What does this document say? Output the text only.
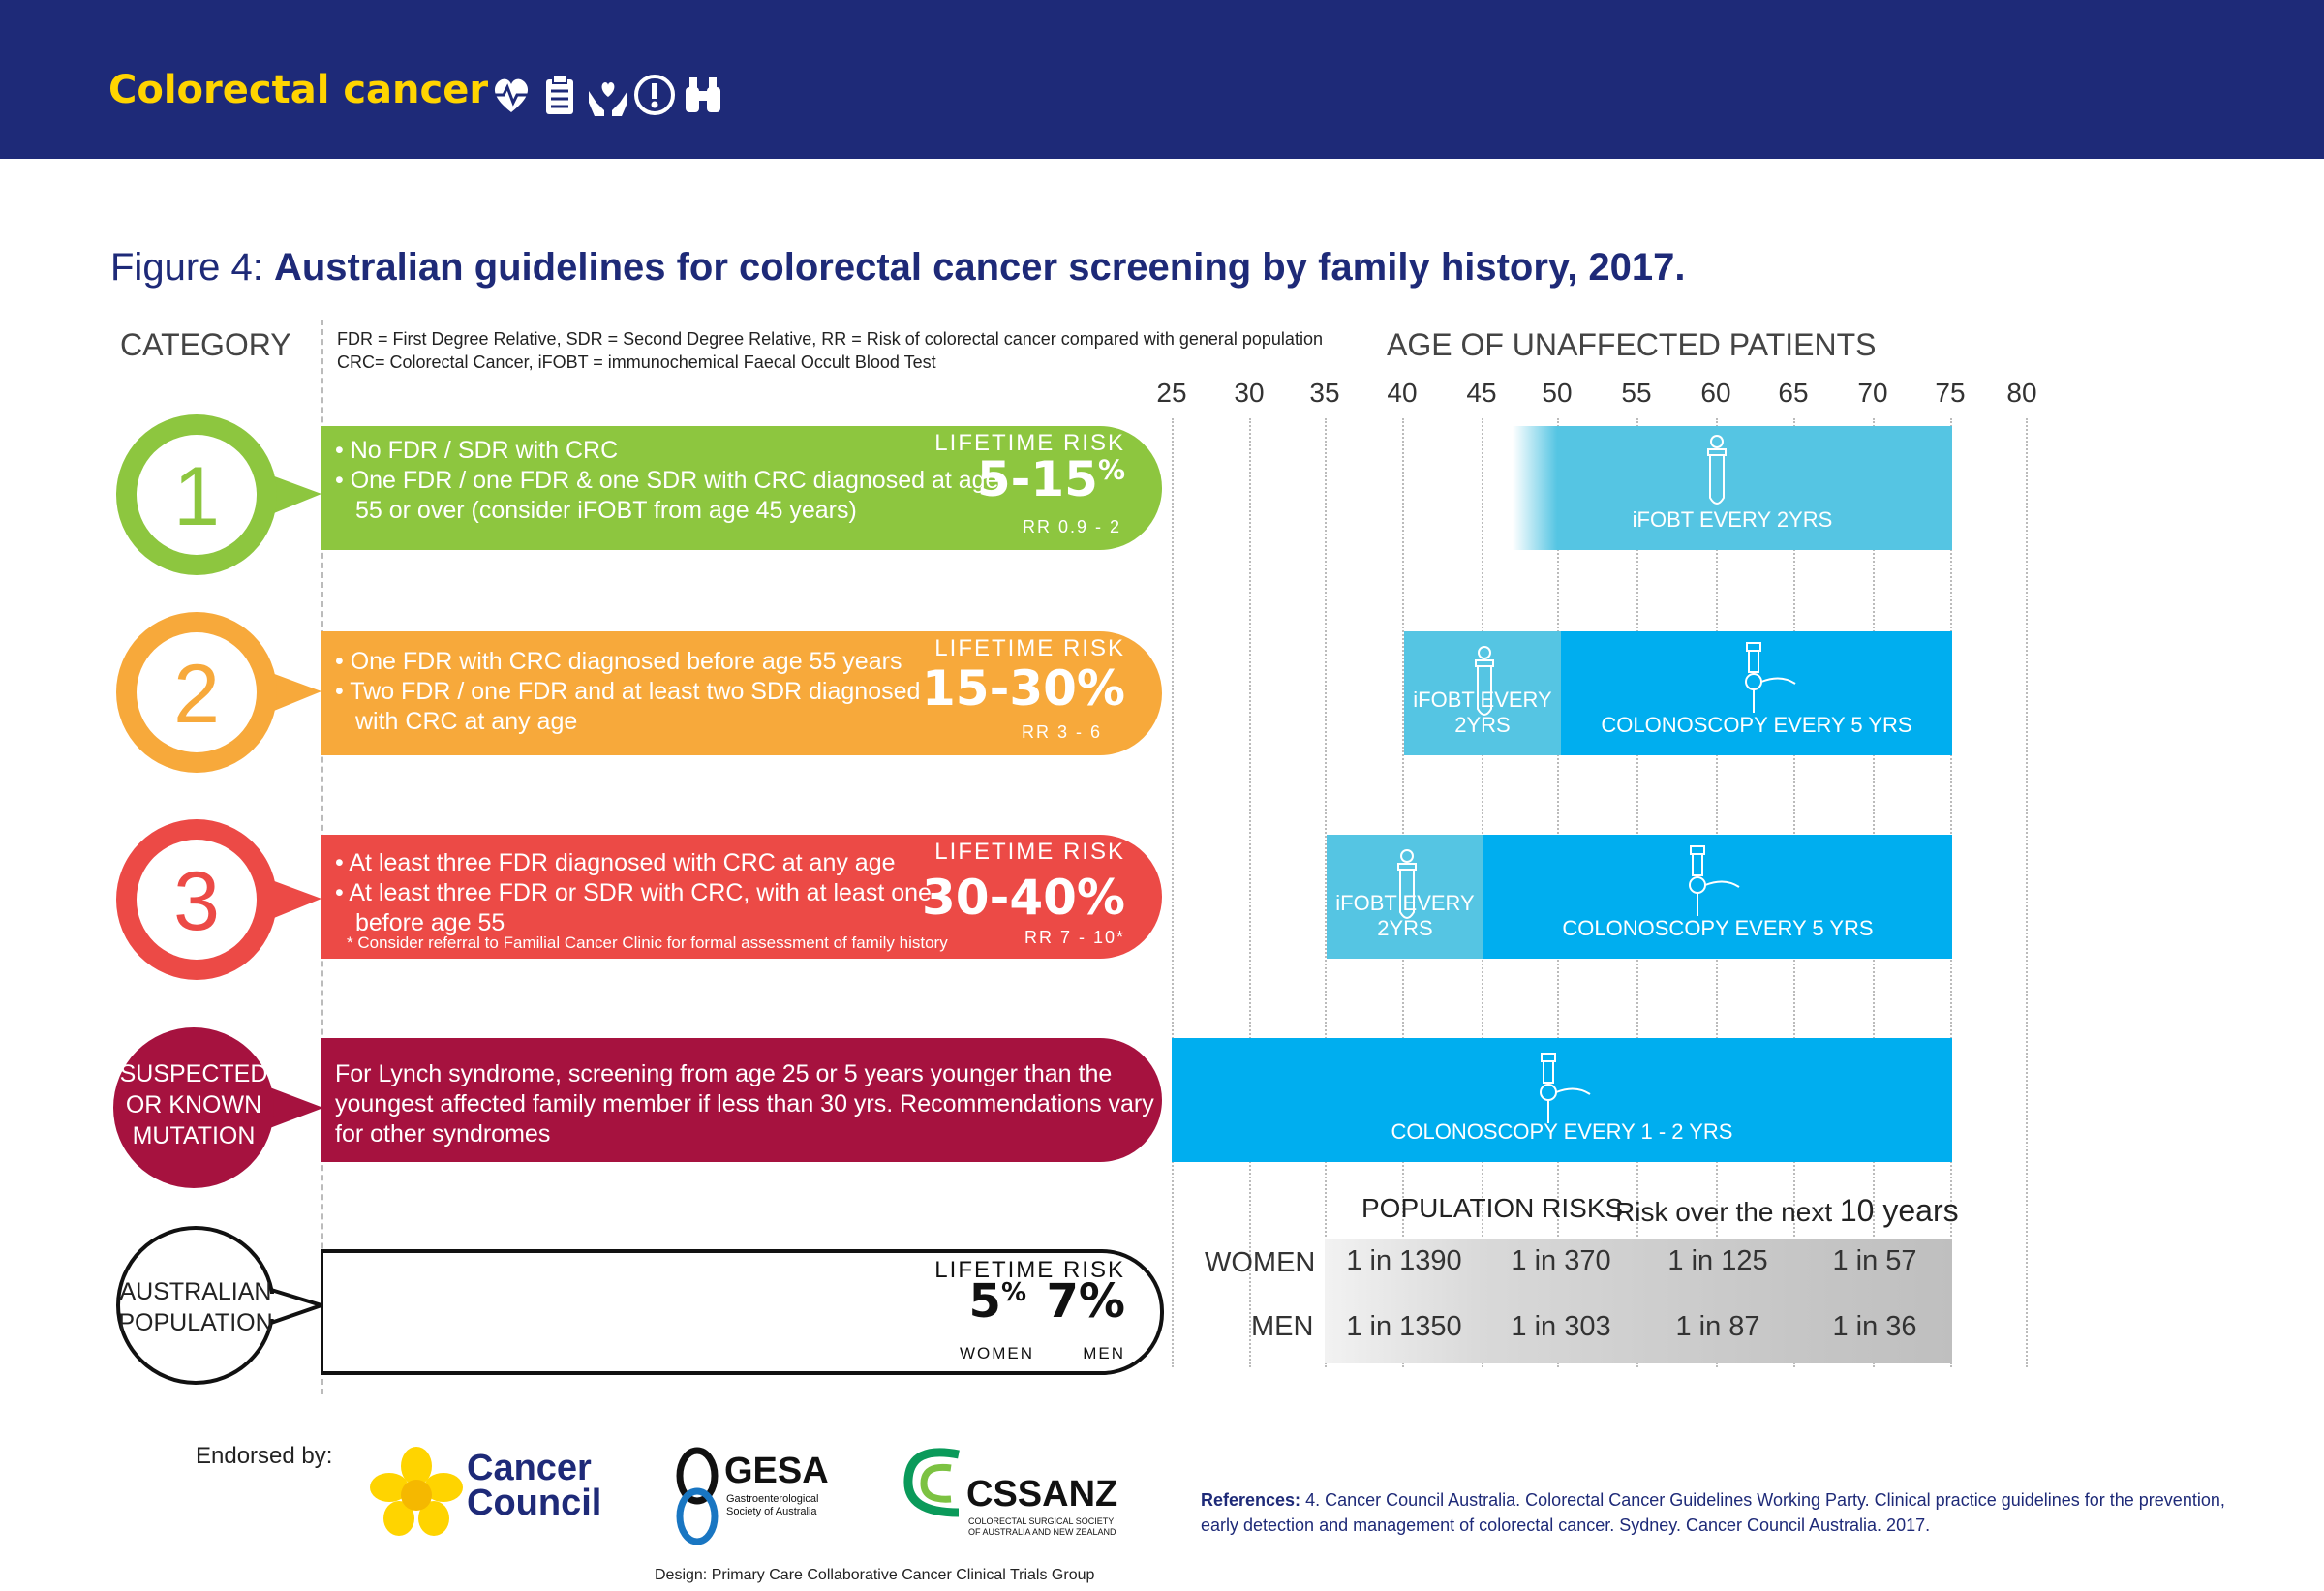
Colorectal cancer
Figure 4: Australian guidelines for colorectal cancer screening by family history, 2017.
CATEGORY	FDR = First Degree Relative, SDR = Second Degree Relative, RR = Risk of colorectal cancer compared with general population
CRC= Colorectal Cancer, iFOBT = immunochemical Faecal Occult Blood Test	AGE OF UNAFFECTED PATIENTS
25	30	35	40	45	50	55	60	65	70	75	80
1	• No FDR / SDR with CRC
• One FDR / one FDR & one SDR with CRC diagnosed at age
55 or over (consider iFOBT from age 45 years)
LIFETIME RISK
5-15%
RR 0.9 - 2	iFOBT EVERY 2YRS
2	• One FDR with CRC diagnosed before age 55 years
• Two FDR / one FDR and at least two SDR diagnosed
with CRC at any age
LIFETIME RISK
15-30%
RR 3 - 6
iFOBT EVERY 2YRS	COLONOSCOPY EVERY 5 YRS
3	• At least three FDR diagnosed with CRC at any age
• At least three FDR or SDR with CRC, with at least one
before age 55
* Consider referral to Familial Cancer Clinic for formal assessment of family history
LIFETIME RISK
30-40%
RR 7 - 10*
iFOBT EVERY 2YRS	COLONOSCOPY EVERY 5 YRS
SUSPECTED
OR KNOWN
MUTATION
For Lynch syndrome, screening from age 25 or 5 years younger than the
youngest affected family member if less than 30 yrs. Recommendations vary
for other syndromes	COLONOSCOPY EVERY 1 - 2 YRS
AUSTRALIAN
POPULATION
LIFETIME RISK
5% 7%
WOMEN	MEN
POPULATION RISKS
Risk over the next 10 years
WOMEN
MEN
1 in 1390	1 in 370	1 in 125	1 in 57
1 in 1350	1 in 303	1 in 87	1 in 36
Endorsed by:	Cancer
Council
GESA
Gastroenterological
Society of Australia	CSSANZ
COLORECTAL SURGICAL SOCIETY
OF AUSTRALIA AND NEW ZEALAND
Design: Primary Care Collaborative Cancer Clinical Trials Group
References: 4. Cancer Council Australia. Colorectal Cancer Guidelines Working Party. Clinical practice guidelines for the prevention, early detection and management of colorectal cancer. Sydney. Cancer Council Australia. 2017.
